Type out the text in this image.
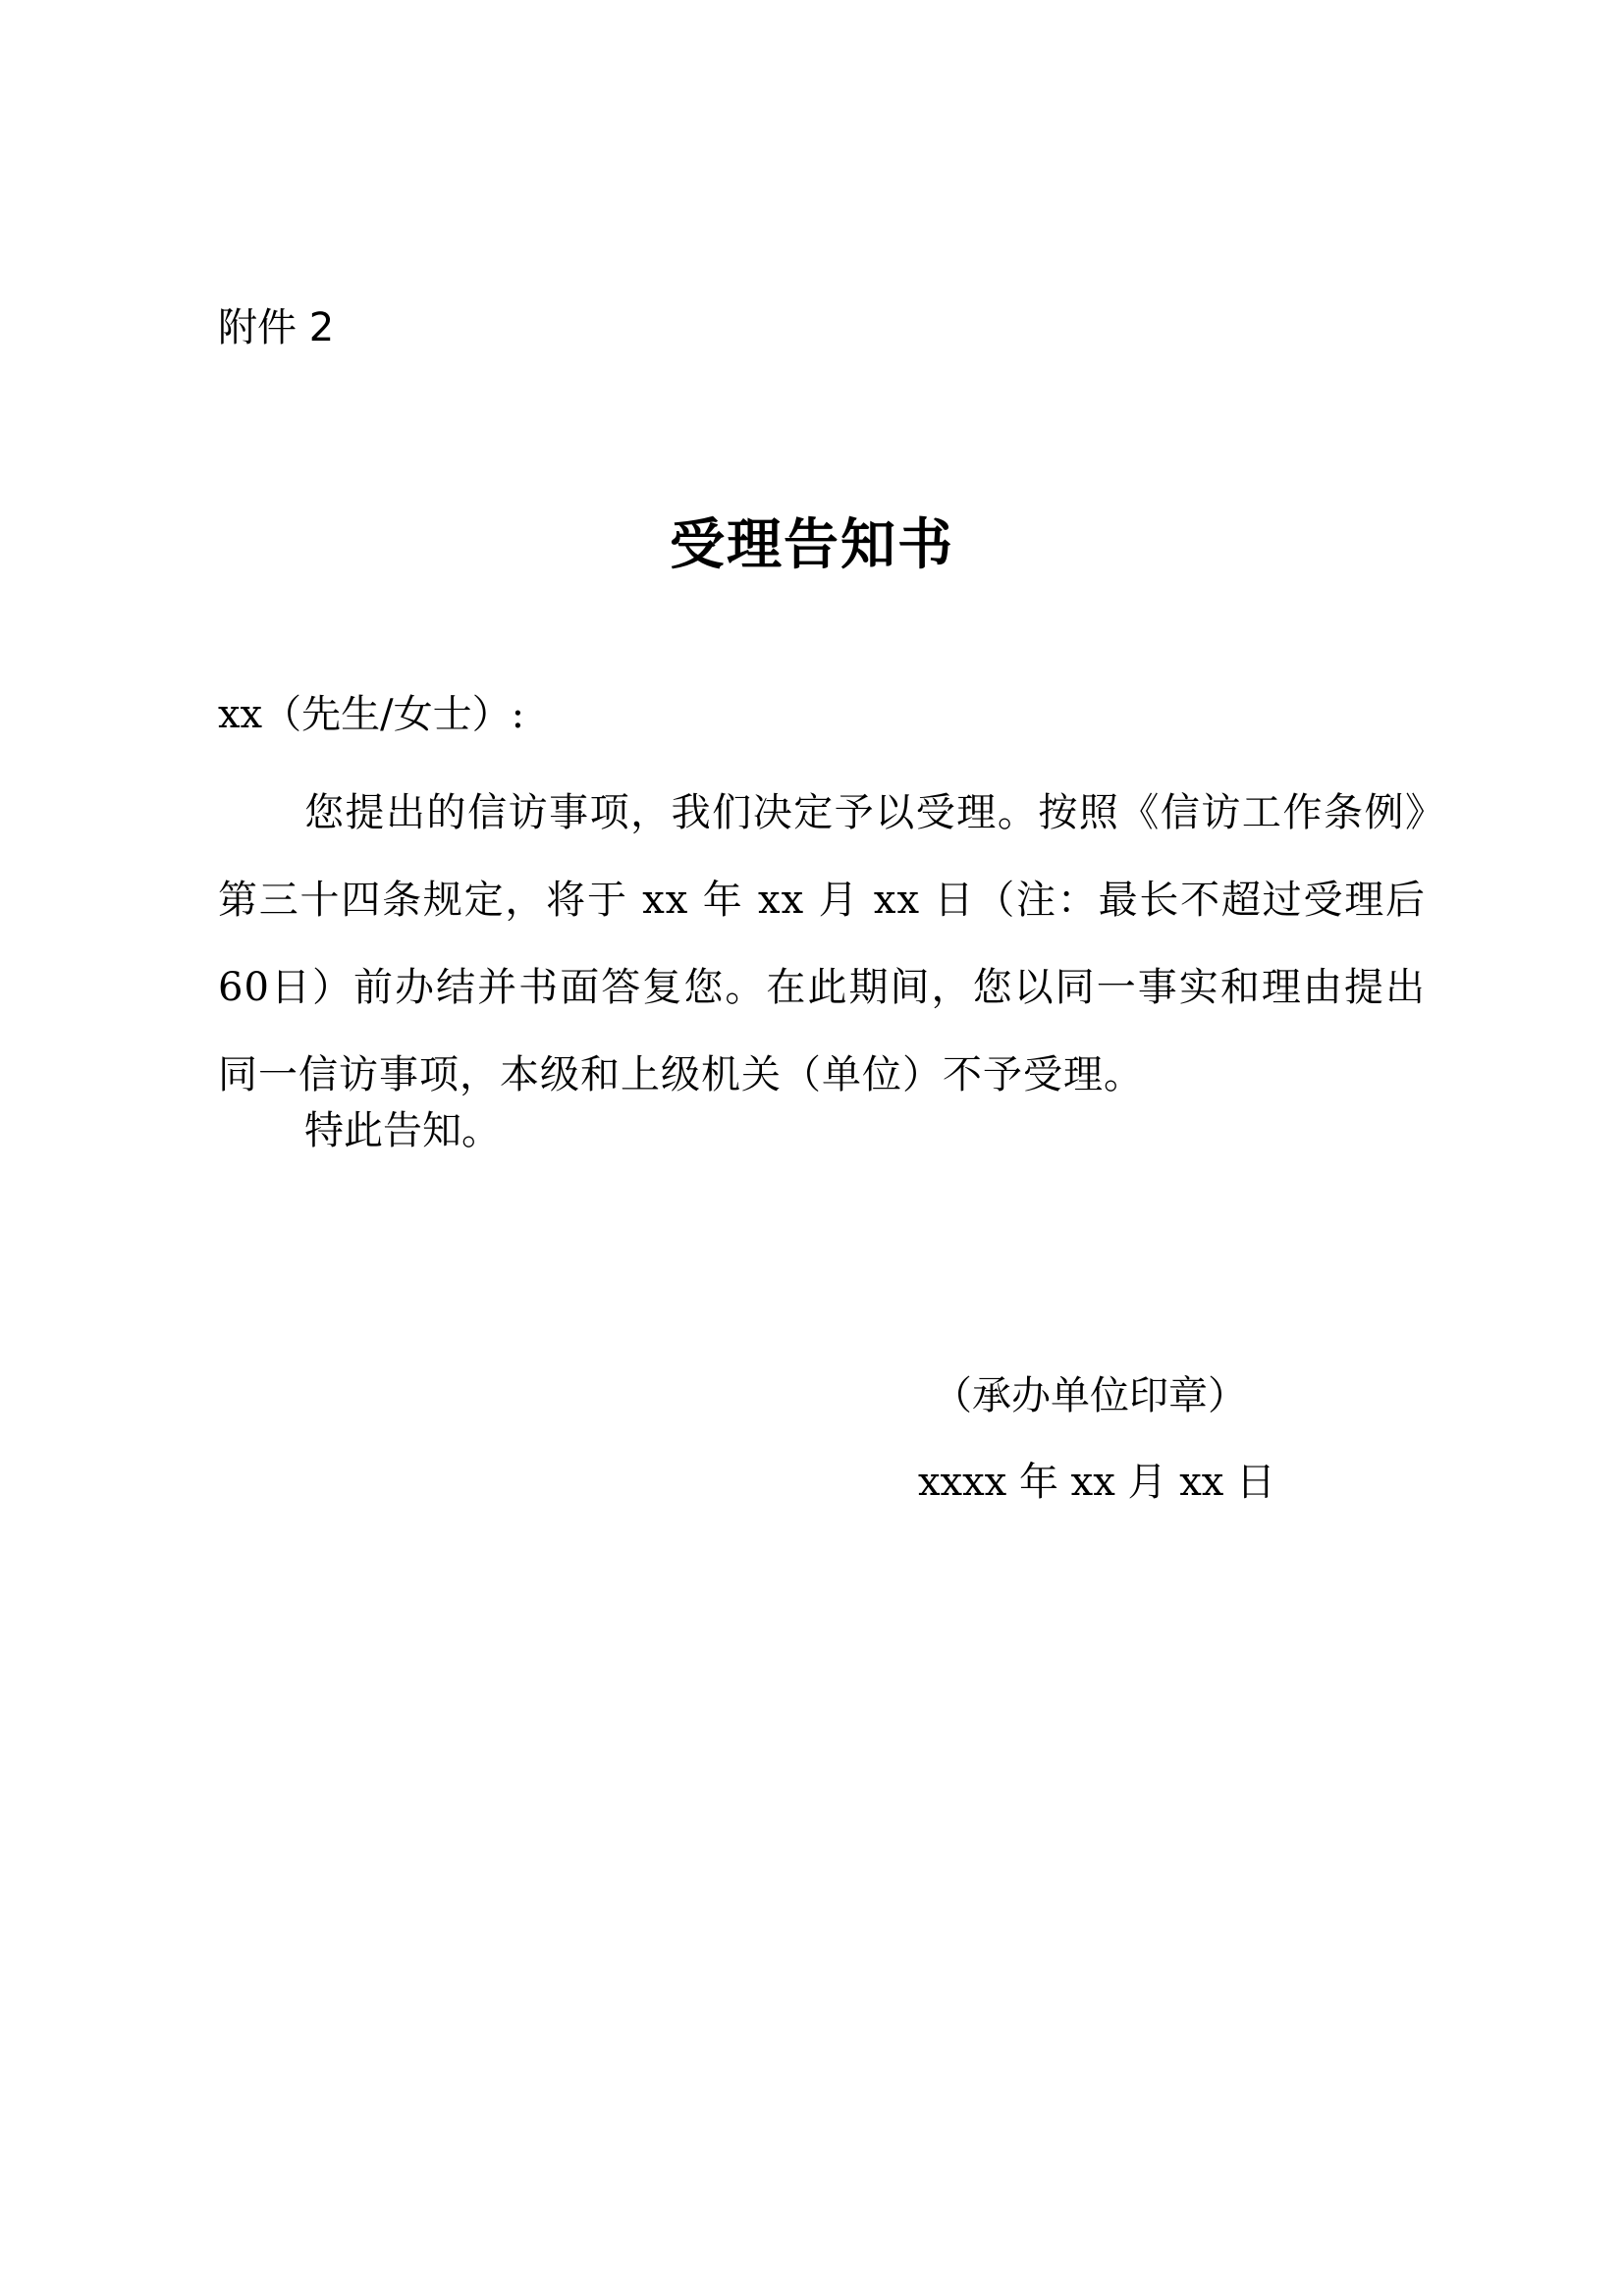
附件 2
受理告知书
xx（先生/女士）:
您提出的信访事项，我们决定予以受理。按照《信访工作条例》第三十四条规定，将于 xx 年 xx 月 xx 日（注：最长不超过受理后60日）前办结并书面答复您。在此期间，您以同一事实和理由提出同一信访事项，本级和上级机关（单位）不予受理。
特此告知。
（承办单位印章）
xxxx 年 xx 月 xx 日
